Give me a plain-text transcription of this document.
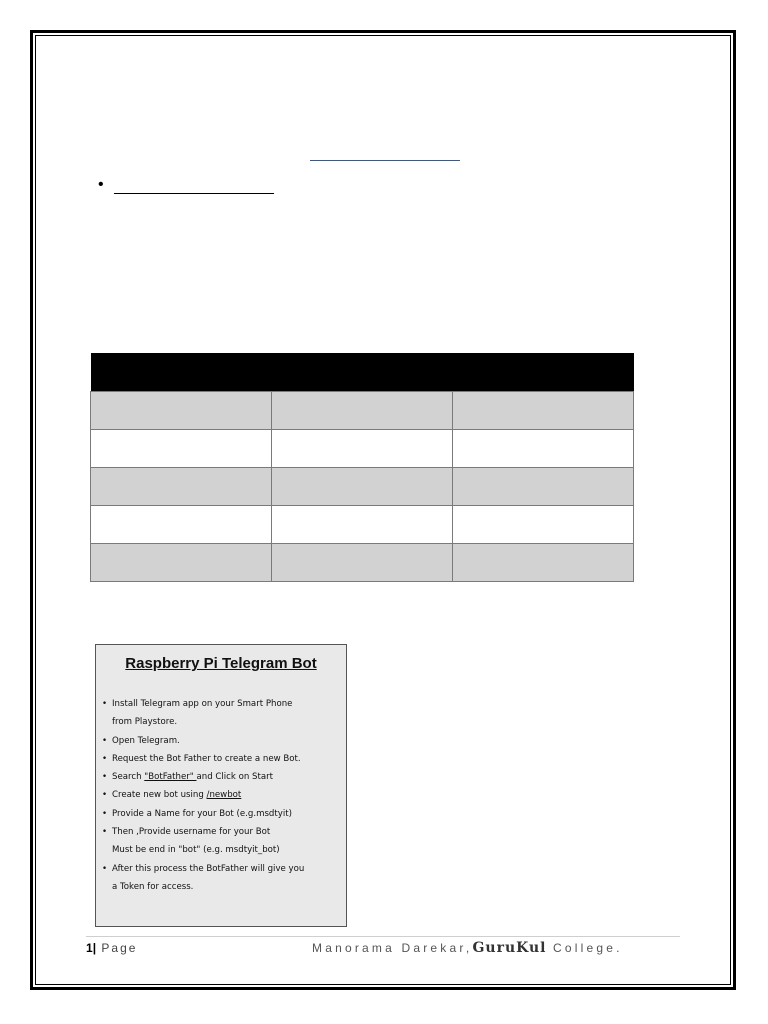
•

Raspberry Pi Telegram Bot
• Install Telegram app on your Smart Phone
from Playstore.
• Open Telegram.
• Request the Bot Father to create a new Bot.
• Search "BotFather" and Click on Start
• Create new bot using /newbot
• Provide a Name for your Bot (e.g.msdtyit)
• Then ,Provide username for your Bot
Must be end in "bot" (e.g. msdtyit_bot)
• After this process the BotFather will give you
a Token for access.
1| Page	Manorama Darekar,GuruKul College.
